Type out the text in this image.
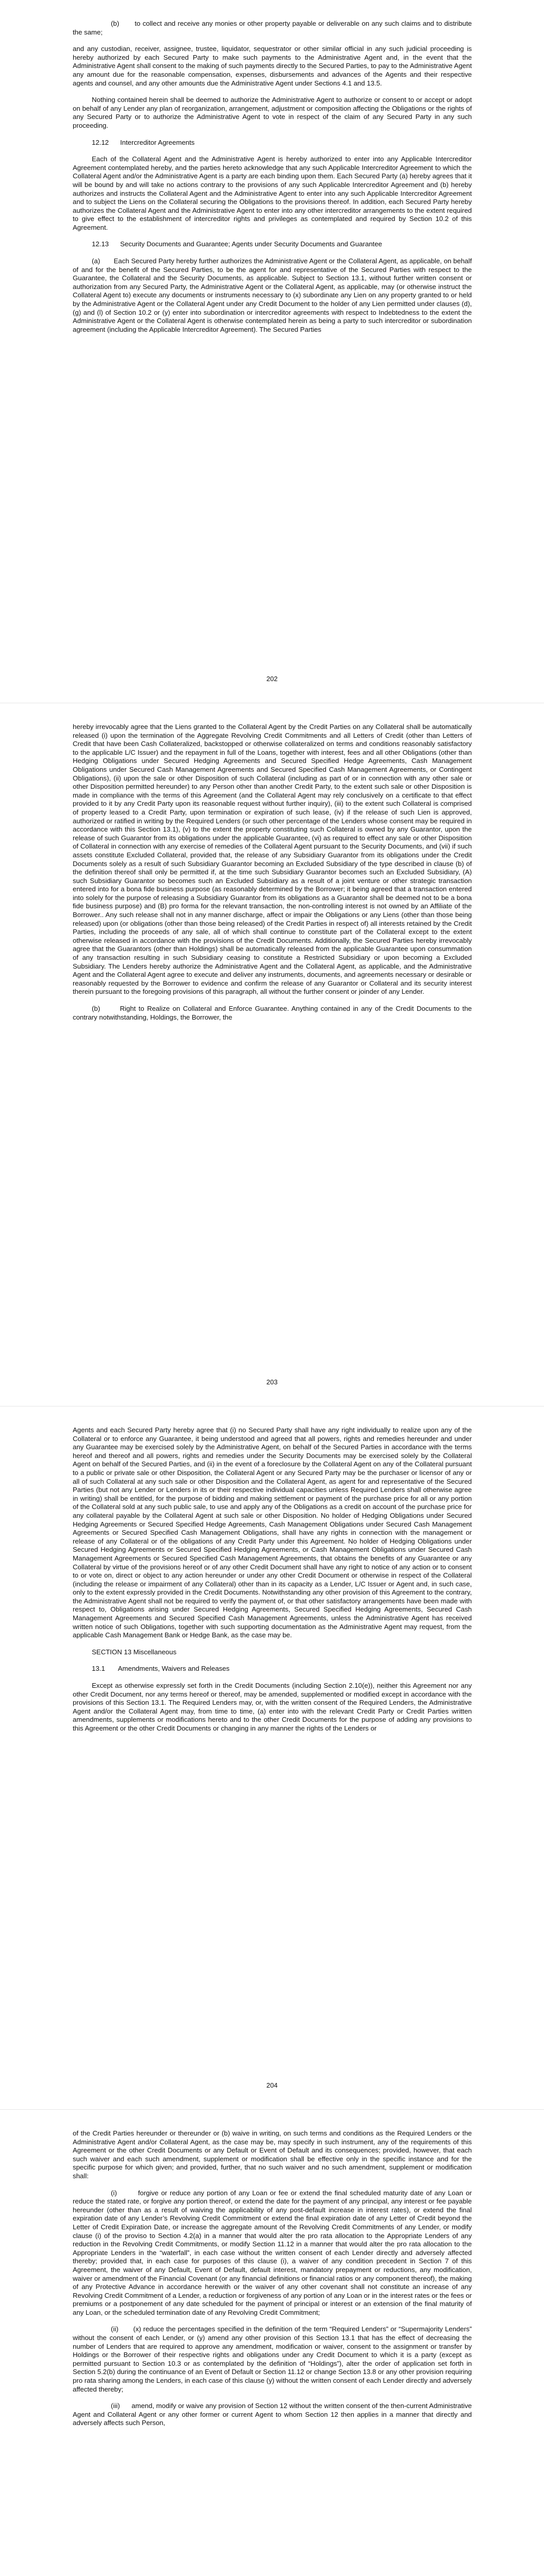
(b)       to collect and receive any monies or other property payable or deliverable on any such claims and to distribute the same;

and any custodian, receiver, assignee, trustee, liquidator, sequestrator or other similar official in any such judicial proceeding is hereby authorized by each Secured Party to make such payments to the Administrative Agent and, in the event that the Administrative Agent shall consent to the making of such payments directly to the Secured Parties, to pay to the Administrative Agent any amount due for the reasonable compensation, expenses, disbursements and advances of the Agents and their respective agents and counsel, and any other amounts due the Administrative Agent under Sections 4.1 and 13.5.

Nothing contained herein shall be deemed to authorize the Administrative Agent to authorize or consent to or accept or adopt on behalf of any Lender any plan of reorganization, arrangement, adjustment or composition affecting the Obligations or the rights of any Secured Party or to authorize the Administrative Agent to vote in respect of the claim of any Secured Party in any such proceeding.

12.12      Intercreditor Agreements

Each of the Collateral Agent and the Administrative Agent is hereby authorized to enter into any Applicable Intercreditor Agreement contemplated hereby, and the parties hereto acknowledge that any such Applicable Intercreditor Agreement to which the Collateral Agent and/or the Administrative Agent is a party are each binding upon them. Each Secured Party (a) hereby agrees that it will be bound by and will take no actions contrary to the provisions of any such Applicable Intercreditor Agreement and (b) hereby authorizes and instructs the Collateral Agent and the Administrative Agent to enter into any such Applicable Intercreditor Agreement and to subject the Liens on the Collateral securing the Obligations to the provisions thereof. In addition, each Secured Party hereby authorizes the Collateral Agent and the Administrative Agent to enter into any other intercreditor arrangements to the extent required to give effect to the establishment of intercreditor rights and privileges as contemplated and required by Section 10.2 of this Agreement.

12.13      Security Documents and Guarantee; Agents under Security Documents and Guarantee

(a)       Each Secured Party hereby further authorizes the Administrative Agent or the Collateral Agent, as applicable, on behalf of and for the benefit of the Secured Parties, to be the agent for and representative of the Secured Parties with respect to the Guarantee, the Collateral and the Security Documents, as applicable. Subject to Section 13.1, without further written consent or authorization from any Secured Party, the Administrative Agent or the Collateral Agent, as applicable, may (or otherwise instruct the Collateral Agent to) execute any documents or instruments necessary to (x) subordinate any Lien on any property granted to or held by the Administrative Agent or the Collateral Agent under any Credit Document to the holder of any Lien permitted under clauses (d), (g) and (l) of Section 10.2 or (y) enter into subordination or intercreditor agreements with respect to Indebtedness to the extent the Administrative Agent or the Collateral Agent is otherwise contemplated herein as being a party to such intercreditor or subordination agreement (including the Applicable Intercreditor Agreement). The Secured Parties

202

hereby irrevocably agree that the Liens granted to the Collateral Agent by the Credit Parties on any Collateral shall be automatically released (i) upon the termination of the Aggregate Revolving Credit Commitments and all Letters of Credit (other than Letters of Credit that have been Cash Collateralized, backstopped or otherwise collateralized on terms and conditions reasonably satisfactory to the applicable L/C Issuer) and the repayment in full of the Loans, together with interest, fees and all other Obligations (other than Hedging Obligations under Secured Hedging Agreements and Secured Specified Hedge Agreements, Cash Management Obligations under Secured Cash Management Agreements and Secured Specified Cash Management Agreements, or Contingent Obligations), (ii) upon the sale or other Disposition of such Collateral (including as part of or in connection with any other sale or other Disposition permitted hereunder) to any Person other than another Credit Party, to the extent such sale or other Disposition is made in compliance with the terms of this Agreement (and the Collateral Agent may rely conclusively on a certificate to that effect provided to it by any Credit Party upon its reasonable request without further inquiry), (iii) to the extent such Collateral is comprised of property leased to a Credit Party, upon termination or expiration of such lease, (iv) if the release of such Lien is approved, authorized or ratified in writing by the Required Lenders (or such other percentage of the Lenders whose consent may be required in accordance with this Section 13.1), (v) to the extent the property constituting such Collateral is owned by any Guarantor, upon the release of such Guarantor from its obligations under the applicable Guarantee, (vi) as required to effect any sale or other Disposition of Collateral in connection with any exercise of remedies of the Collateral Agent pursuant to the Security Documents, and (vii) if such assets constitute Excluded Collateral, provided that, the release of any Subsidiary Guarantor from its obligations under the Credit Documents solely as a result of such Subsidiary Guarantor becoming an Excluded Subsidiary of the type described in clause (b) of the definition thereof shall only be permitted if, at the time such Subsidiary Guarantor becomes such an Excluded Subsidiary, (A) such Subsidiary Guarantor so becomes such an Excluded Subsidiary as a result of a joint venture or other strategic transaction entered into for a bona fide business purpose (as reasonably determined by the Borrower; it being agreed that a transaction entered into solely for the purpose of releasing a Subsidiary Guarantor from its obligations as a Guarantor shall be deemed not to be a bona fide business purpose) and (B) pro forma for the relevant transaction, the non-controlling interest is not owned by an Affiliate of the Borrower.. Any such release shall not in any manner discharge, affect or impair the Obligations or any Liens (other than those being released) upon (or obligations (other than those being released) of the Credit Parties in respect of) all interests retained by the Credit Parties, including the proceeds of any sale, all of which shall continue to constitute part of the Collateral except to the extent otherwise released in accordance with the provisions of the Credit Documents. Additionally, the Secured Parties hereby irrevocably agree that the Guarantors (other than Holdings) shall be automatically released from the applicable Guarantee upon consummation of any transaction resulting in such Subsidiary ceasing to constitute a Restricted Subsidiary or upon becoming a Excluded Subsidiary. The Lenders hereby authorize the Administrative Agent and the Collateral Agent, as applicable, and the Administrative Agent and the Collateral Agent agree to execute and deliver any instruments, documents, and agreements necessary or desirable or reasonably requested by the Borrower to evidence and confirm the release of any Guarantor or Collateral and its security interest therein pursuant to the foregoing provisions of this paragraph, all without the further consent or joinder of any Lender.

(b)       Right to Realize on Collateral and Enforce Guarantee. Anything contained in any of the Credit Documents to the contrary notwithstanding, Holdings, the Borrower, the

203

Agents and each Secured Party hereby agree that (i) no Secured Party shall have any right individually to realize upon any of the Collateral or to enforce any Guarantee, it being understood and agreed that all powers, rights and remedies hereunder and under any Guarantee may be exercised solely by the Administrative Agent, on behalf of the Secured Parties in accordance with the terms hereof and thereof and all powers, rights and remedies under the Security Documents may be exercised solely by the Collateral Agent on behalf of the Secured Parties, and (ii) in the event of a foreclosure by the Collateral Agent on any of the Collateral pursuant to a public or private sale or other Disposition, the Collateral Agent or any Secured Party may be the purchaser or licensor of any or all of such Collateral at any such sale or other Disposition and the Collateral Agent, as agent for and representative of the Secured Parties (but not any Lender or Lenders in its or their respective individual capacities unless Required Lenders shall otherwise agree in writing) shall be entitled, for the purpose of bidding and making settlement or payment of the purchase price for all or any portion of the Collateral sold at any such public sale, to use and apply any of the Obligations as a credit on account of the purchase price for any collateral payable by the Collateral Agent at such sale or other Disposition. No holder of Hedging Obligations under Secured Hedging Agreements or Secured Specified Hedge Agreements, Cash Management Obligations under Secured Cash Management Agreements or Secured Specified Cash Management Obligations, shall have any rights in connection with the management or release of any Collateral or of the obligations of any Credit Party under this Agreement. No holder of Hedging Obligations under Secured Hedging Agreements or Secured Specified Hedging Agreements, or Cash Management Obligations under Secured Cash Management Agreements or Secured Specified Cash Management Agreements, that obtains the benefits of any Guarantee or any Collateral by virtue of the provisions hereof or of any other Credit Document shall have any right to notice of any action or to consent to or vote on, direct or object to any action hereunder or under any other Credit Document or otherwise in respect of the Collateral (including the release or impairment of any Collateral) other than in its capacity as a Lender, L/C Issuer or Agent and, in such case, only to the extent expressly provided in the Credit Documents. Notwithstanding any other provision of this Agreement to the contrary, the Administrative Agent shall not be required to verify the payment of, or that other satisfactory arrangements have been made with respect to, Obligations arising under Secured Hedging Agreements, Secured Specified Hedging Agreements, Secured Cash Management Agreements and Secured Specified Cash Management Agreements, unless the Administrative Agent has received written notice of such Obligations, together with such supporting documentation as the Administrative Agent may request, from the applicable Cash Management Bank or Hedge Bank, as the case may be.

SECTION 13 Miscellaneous

13.1       Amendments, Waivers and Releases

Except as otherwise expressly set forth in the Credit Documents (including Section 2.10(e)), neither this Agreement nor any other Credit Document, nor any terms hereof or thereof, may be amended, supplemented or modified except in accordance with the provisions of this Section 13.1. The Required Lenders may, or, with the written consent of the Required Lenders, the Administrative Agent and/or the Collateral Agent may, from time to time, (a) enter into with the relevant Credit Party or Credit Parties written amendments, supplements or modifications hereto and to the other Credit Documents for the purpose of adding any provisions to this Agreement or the other Credit Documents or changing in any manner the rights of the Lenders or

204

of the Credit Parties hereunder or thereunder or (b) waive in writing, on such terms and conditions as the Required Lenders or the Administrative Agent and/or Collateral Agent, as the case may be, may specify in such instrument, any of the requirements of this Agreement or the other Credit Documents or any Default or Event of Default and its consequences; provided, however, that each such waiver and each such amendment, supplement or modification shall be effective only in the specific instance and for the specific purpose for which given; and provided, further, that no such waiver and no such amendment, supplement or modification shall:

(i)        forgive or reduce any portion of any Loan or fee or extend the final scheduled maturity date of any Loan or reduce the stated rate, or forgive any portion thereof, or extend the date for the payment of any principal, any interest or fee payable hereunder (other than as a result of waiving the applicability of any post-default increase in interest rates), or extend the final expiration date of any Lender’s Revolving Credit Commitment or extend the final expiration date of any Letter of Credit beyond the Letter of Credit Expiration Date, or increase the aggregate amount of the Revolving Credit Commitments of any Lender, or modify clause (i) of the proviso to Section 4.2(a) in a manner that would alter the pro rata allocation to the Appropriate Lenders of any reduction in the Revolving Credit Commitments, or modify Section 11.12 in a manner that would alter the pro rata allocation to the Appropriate Lenders in the “waterfall”, in each case without the written consent of each Lender directly and adversely affected thereby; provided that, in each case for purposes of this clause (i), a waiver of any condition precedent in Section 7 of this Agreement, the waiver of any Default, Event of Default, default interest, mandatory prepayment or reductions, any modification, waiver or amendment of the Financial Covenant (or any financial definitions or financial ratios or any component thereof), the making of any Protective Advance in accordance herewith or the waiver of any other covenant shall not constitute an increase of any Revolving Credit Commitment of a Lender, a reduction or forgiveness of any portion of any Loan or in the interest rates or the fees or premiums or a postponement of any date scheduled for the payment of principal or interest or an extension of the final maturity of any Loan, or the scheduled termination date of any Revolving Credit Commitment;

(ii)       (x) reduce the percentages specified in the definition of the term “Required Lenders” or “Supermajority Lenders” without the consent of each Lender, or (y) amend any other provision of this Section 13.1 that has the effect of decreasing the number of Lenders that are required to approve any amendment, modification or waiver, consent to the assignment or transfer by Holdings or the Borrower of their respective rights and obligations under any Credit Document to which it is a party (except as permitted pursuant to Section 10.3 or as contemplated by the definition of “Holdings”), alter the order of application set forth in Section 5.2(b) during the continuance of an Event of Default or Section 11.12 or change Section 13.8 or any other provision requiring pro rata sharing among the Lenders, in each case of this clause (y) without the written consent of each Lender directly and adversely affected thereby;

(iii)      amend, modify or waive any provision of Section 12 without the written consent of the then-current Administrative Agent and Collateral Agent or any other former or current Agent to whom Section 12 then applies in a manner that directly and adversely affects such Person,
